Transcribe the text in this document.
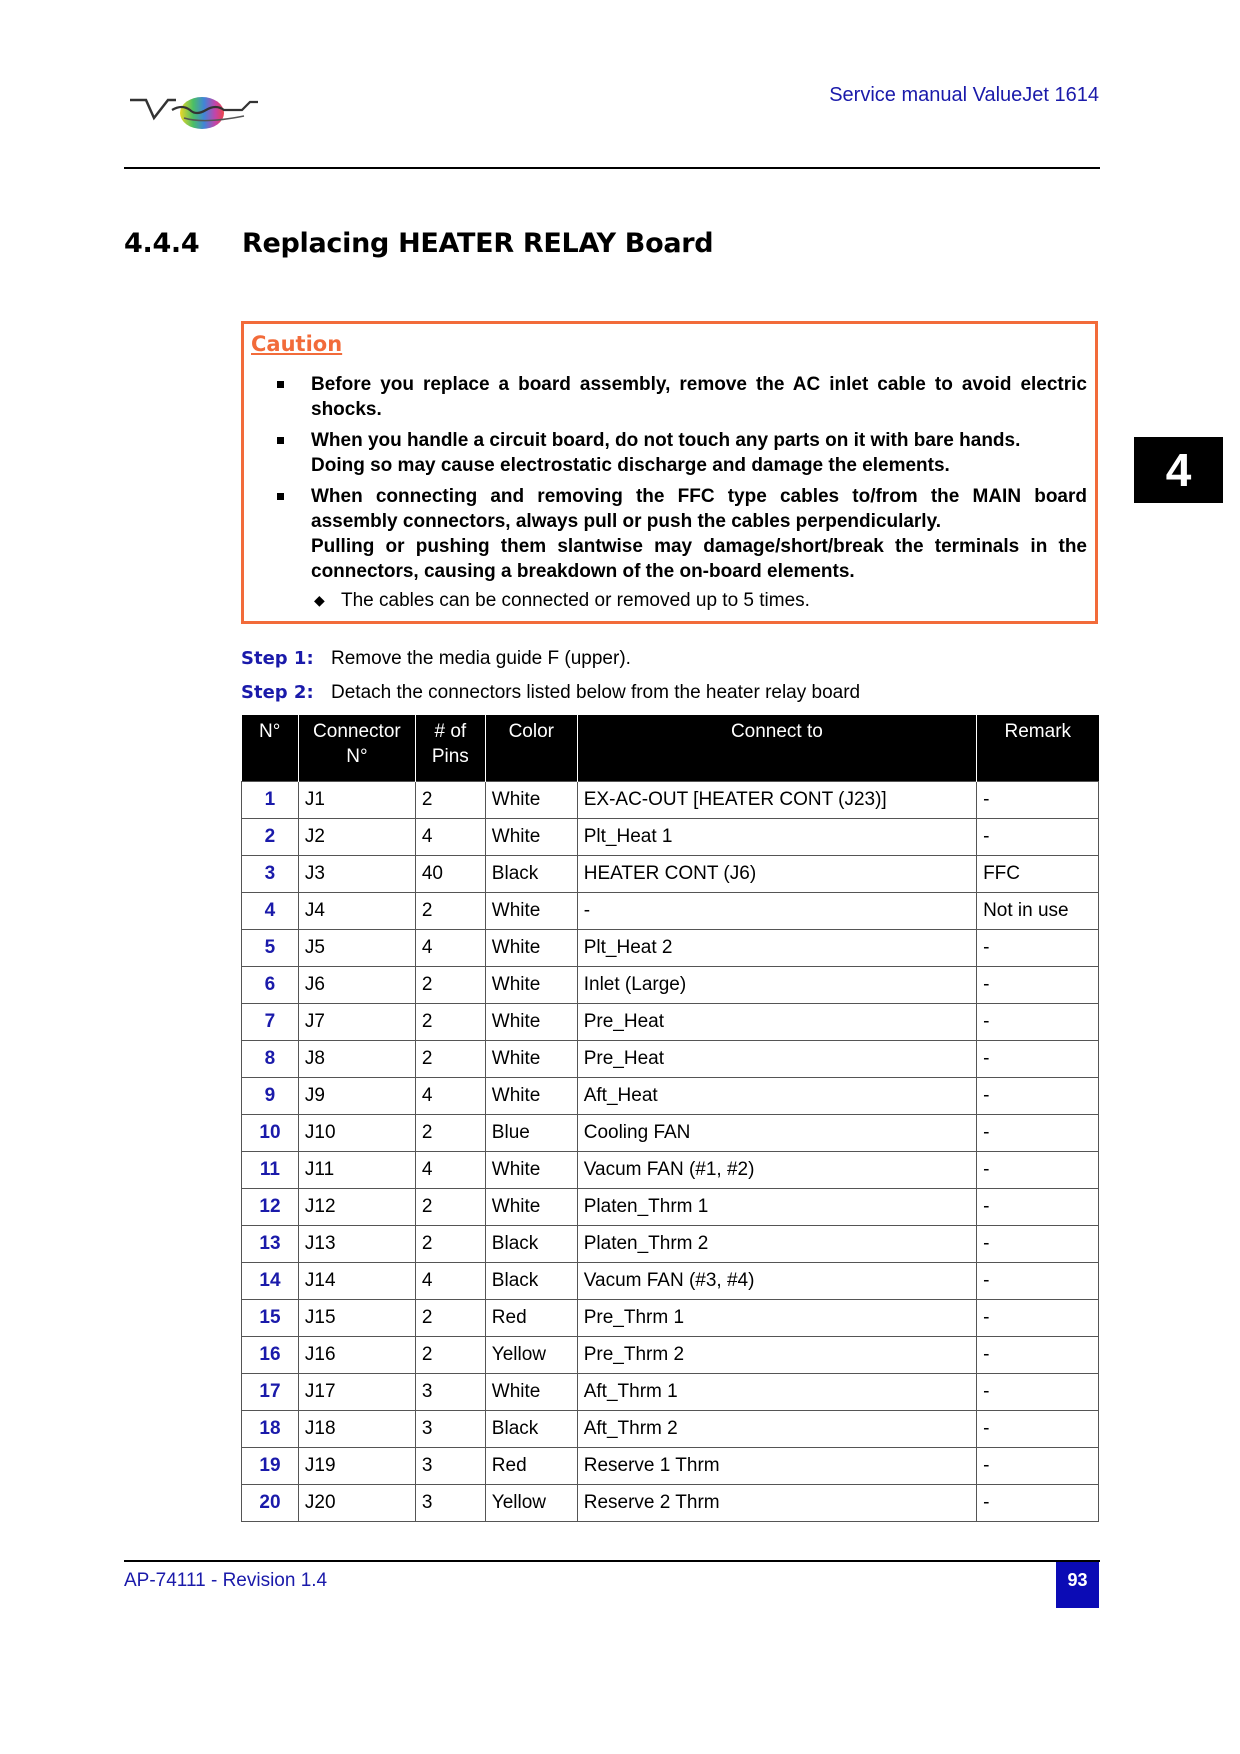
Service manual ValueJet 1614
4.4.4 Replacing HEATER RELAY Board
4
Caution
Before you replace a board assembly, remove the AC inlet cable to avoid electric shocks.
When you handle a circuit board, do not touch any parts on it with bare hands.
Doing so may cause electrostatic discharge and damage the elements.
When connecting and removing the FFC type cables to/from the MAIN board assembly connectors, always pull or push the cables perpendicularly.
Pulling or pushing them slantwise may damage/short/break the terminals in the connectors, causing a breakdown of the on-board elements.
◆ The cables can be connected or removed up to 5 times.
Step 1: Remove the media guide F (upper).
Step 2: Detach the connectors listed below from the heater relay board
N°	Connector N°	# of Pins	Color	Connect to	Remark
1	J1	2	White	EX-AC-OUT [HEATER CONT (J23)]	-
2	J2	4	White	Plt_Heat 1	-
3	J3	40	Black	HEATER CONT (J6)	FFC
4	J4	2	White	-	Not in use
5	J5	4	White	Plt_Heat 2	-
6	J6	2	White	Inlet (Large)	-
7	J7	2	White	Pre_Heat	-
8	J8	2	White	Pre_Heat	-
9	J9	4	White	Aft_Heat	-
10	J10	2	Blue	Cooling FAN	-
11	J11	4	White	Vacum FAN (#1, #2)	-
12	J12	2	White	Platen_Thrm 1	-
13	J13	2	Black	Platen_Thrm 2	-
14	J14	4	Black	Vacum FAN (#3, #4)	-
15	J15	2	Red	Pre_Thrm 1	-
16	J16	2	Yellow	Pre_Thrm 2	-
17	J17	3	White	Aft_Thrm 1	-
18	J18	3	Black	Aft_Thrm 2	-
19	J19	3	Red	Reserve 1 Thrm	-
20	J20	3	Yellow	Reserve 2 Thrm	-
AP-74111 - Revision 1.4	93
